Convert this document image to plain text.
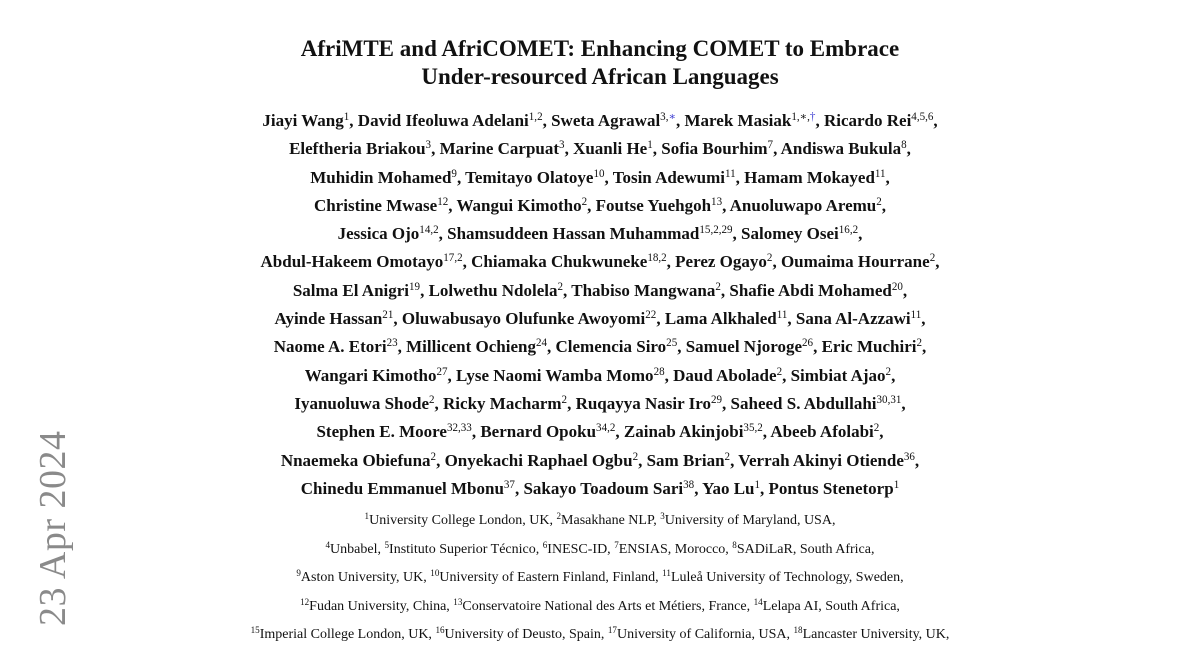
23 Apr 2024
AfriMTE and AfriCOMET: Enhancing COMET to Embrace
Under-resourced African Languages
Jiayi Wang$^1$, David Ifeoluwa Adelani$^{1,2}$, Sweta Agrawal$^{3,∗}$, Marek Masiak$^{1,∗,\dagger}$, Ricardo Rei$^{4,5,6}$,
Eleftheria Briakou$^3$, Marine Carpuat$^3$, Xuanli He$^1$, Sofia Bourhim$^7$, Andiswa Bukula$^8$,
Muhidin Mohamed$^9$, Temitayo Olatoye$^{10}$, Tosin Adewumi$^{11}$, Hamam Mokayed$^{11}$,
Christine Mwase$^{12}$, Wangui Kimotho$^2$, Foutse Yuehgoh$^{13}$, Anuoluwapo Aremu$^2$,
Jessica Ojo$^{14,2}$, Shamsuddeen Hassan Muhammad$^{15,2,29}$, Salomey Osei$^{16,2}$,
Abdul-Hakeem Omotayo$^{17,2}$, Chiamaka Chukwuneke$^{18,2}$, Perez Ogayo$^2$, Oumaima Hourrane$^2$,
Salma El Anigri$^{19}$, Lolwethu Ndolela$^2$, Thabiso Mangwana$^2$, Shafie Abdi Mohamed$^{20}$,
Ayinde Hassan$^{21}$, Oluwabusayo Olufunke Awoyomi$^{22}$, Lama Alkhaled$^{11}$, Sana Al-Azzawi$^{11}$,
Naome A. Etori$^{23}$, Millicent Ochieng$^{24}$, Clemencia Siro$^{25}$, Samuel Njoroge$^{26}$, Eric Muchiri$^2$,
Wangari Kimotho$^{27}$, Lyse Naomi Wamba Momo$^{28}$, Daud Abolade$^2$, Simbiat Ajao$^2$,
Iyanuoluwa Shode$^2$, Ricky Macharm$^2$, Ruqayya Nasir Iro$^{29}$, Saheed S. Abdullahi$^{30,31}$,
Stephen E. Moore$^{32,33}$, Bernard Opoku$^{34,2}$, Zainab Akinjobi$^{35,2}$, Abeeb Afolabi$^2$,
Nnaemeka Obiefuna$^2$, Onyekachi Raphael Ogbu$^2$, Sam Brian$^2$, Verrah Akinyi Otiende$^{36}$,
Chinedu Emmanuel Mbonu$^{37}$, Sakayo Toadoum Sari$^{38}$, Yao Lu$^1$, Pontus Stenetorp$^1$
$^1$University College London, UK, $^2$Masakhane NLP, $^3$University of Maryland, USA,
$^4$Unbabel, $^5$Instituto Superior Técnico, $^6$INESC-ID, $^7$ENSIAS, Morocco, $^8$SADiLaR, South Africa,
$^9$Aston University, UK, $^{10}$University of Eastern Finland, Finland, $^{11}$Luleå University of Technology, Sweden,
$^{12}$Fudan University, China, $^{13}$Conservatoire National des Arts et Métiers, France, $^{14}$Lelapa AI, South Africa,
$^{15}$Imperial College London, UK, $^{16}$University of Deusto, Spain, $^{17}$University of California, USA, $^{18}$Lancaster University, UK,
